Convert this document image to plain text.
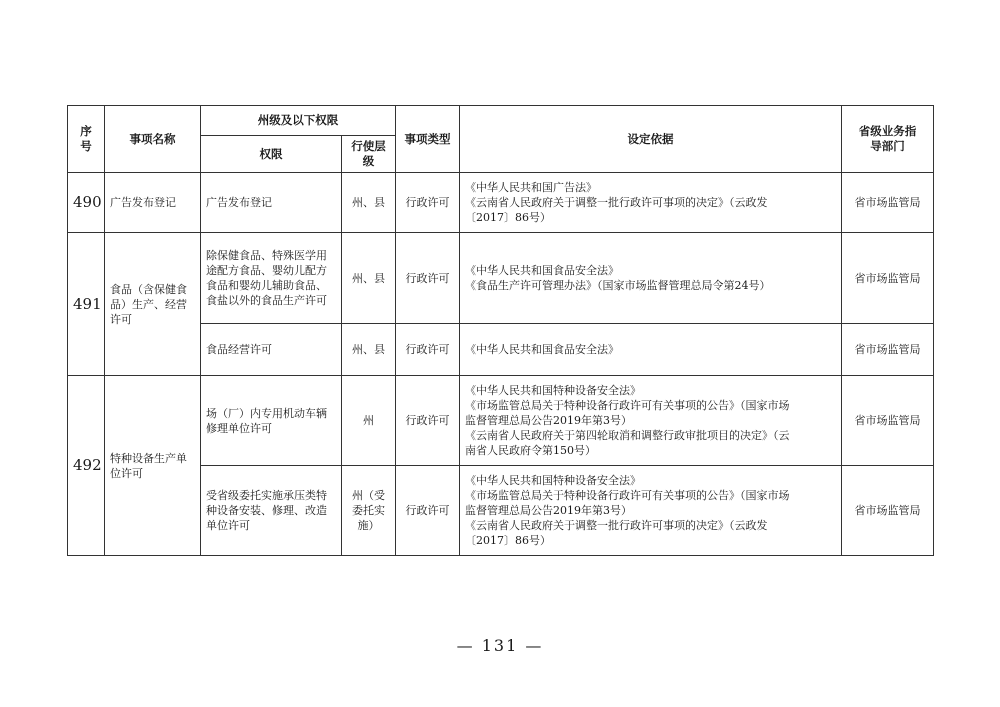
序号	事项名称	州级及以下权限		事项类型	设定依据	省级业务指导部门
		权限	行使层级			
490	广告发布登记	广告发布登记	州、县	行政许可	《中华人民共和国广告法》
《云南省人民政府关于调整一批行政许可事项的决定》（云政发
〔2017〕86号）	省市场监管局
491	食品（含保健食品）生产、经营许可	除保健食品、特殊医学用途配方食品、婴幼儿配方食品和婴幼儿辅助食品、食盐以外的食品生产许可	州、县	行政许可	《中华人民共和国食品安全法》
《食品生产许可管理办法》（国家市场监督管理总局令第24号）	省市场监管局
		食品经营许可	州、县	行政许可	《中华人民共和国食品安全法》	省市场监管局
492	特种设备生产单位许可	场（厂）内专用机动车辆修理单位许可	州	行政许可	《中华人民共和国特种设备安全法》
《市场监管总局关于特种设备行政许可有关事项的公告》（国家市场
监督管理总局公告2019年第3号）
《云南省人民政府关于第四轮取消和调整行政审批项目的决定》（云
南省人民政府令第150号）	省市场监管局
		受省级委托实施承压类特种设备安装、修理、改造单位许可	州（受委托实施）	行政许可	《中华人民共和国特种设备安全法》
《市场监管总局关于特种设备行政许可有关事项的公告》（国家市场
监督管理总局公告2019年第3号）
《云南省人民政府关于调整一批行政许可事项的决定》（云政发
〔2017〕86号）	省市场监管局
— 131 —
